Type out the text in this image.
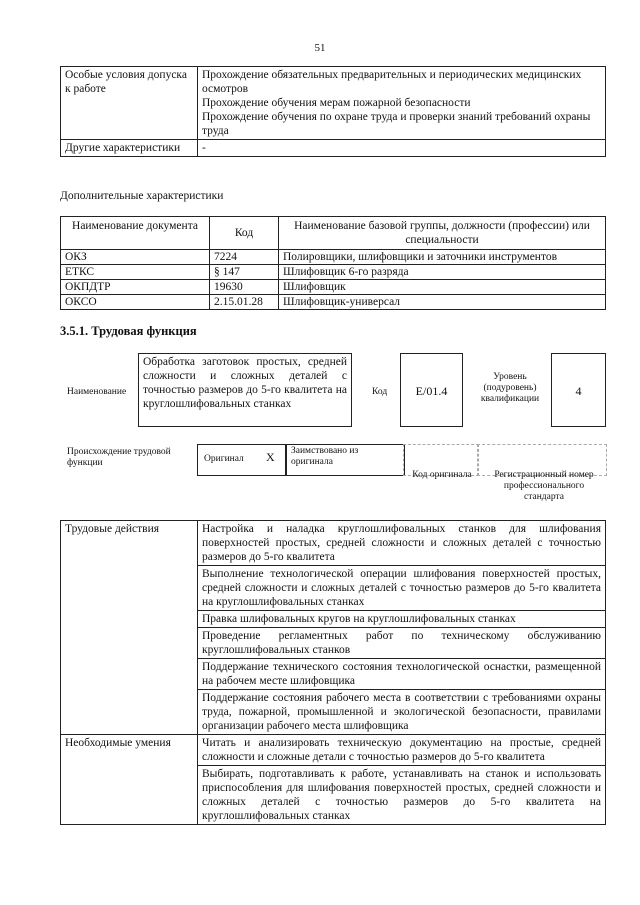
51
Особые условия допуска к работе	Прохождение обязательных предварительных и периодических медицинских осмотров
Прохождение обучения мерам пожарной безопасности
Прохождение обучения по охране труда и проверки знаний требований охраны труда

Другие характеристики	-
Дополнительные характеристики
Наименование документа	Код	Наименование базовой группы, должности (профессии) или специальности
ОКЗ	7224	Полировщики, шлифовщики и заточники инструментов
ЕТКС	§ 147	Шлифовщик 6-го разряда
ОКПДТР	19630	Шлифовщик
ОКСО	2.15.01.28	Шлифовщик-универсал
3.5.1. Трудовая функция
Наименование
Обработка заготовок простых, средней сложности и сложных деталей с точностью размеров до 5-го квалитета на круглошлифовальных станках
Код	E/01.4
Уровень (подуровень) квалификации
4
Происхождение трудовой функции	Оригинал X Заимствовано из оригинала
Код оригинала	Регистрационный номер профессионального стандарта
Трудовые действия	Настройка и наладка круглошлифовальных станков для шлифования поверхностей простых, средней сложности и сложных деталей с точностью размеров до 5-го квалитета
	Выполнение технологической операции шлифования поверхностей простых, средней сложности и сложных деталей с точностью размеров до 5-го квалитета на круглошлифовальных станках
	Правка шлифовальных кругов на круглошлифовальных станках
	Проведение регламентных работ по техническому обслуживанию круглошлифовальных станков
	Поддержание технического состояния технологической оснастки, размещенной на рабочем месте шлифовщика
	Поддержание состояния рабочего места в соответствии с требованиями охраны труда, пожарной, промышленной и экологической безопасности, правилами организации рабочего места шлифовщика
Необходимые умения	Читать и анализировать техническую документацию на простые, средней сложности и сложные детали с точностью размеров до 5-го квалитета
	Выбирать, подготавливать к работе, устанавливать на станок и использовать приспособления для шлифования поверхностей простых, средней сложности и сложных деталей с точностью размеров до 5-го квалитета на круглошлифовальных станках
